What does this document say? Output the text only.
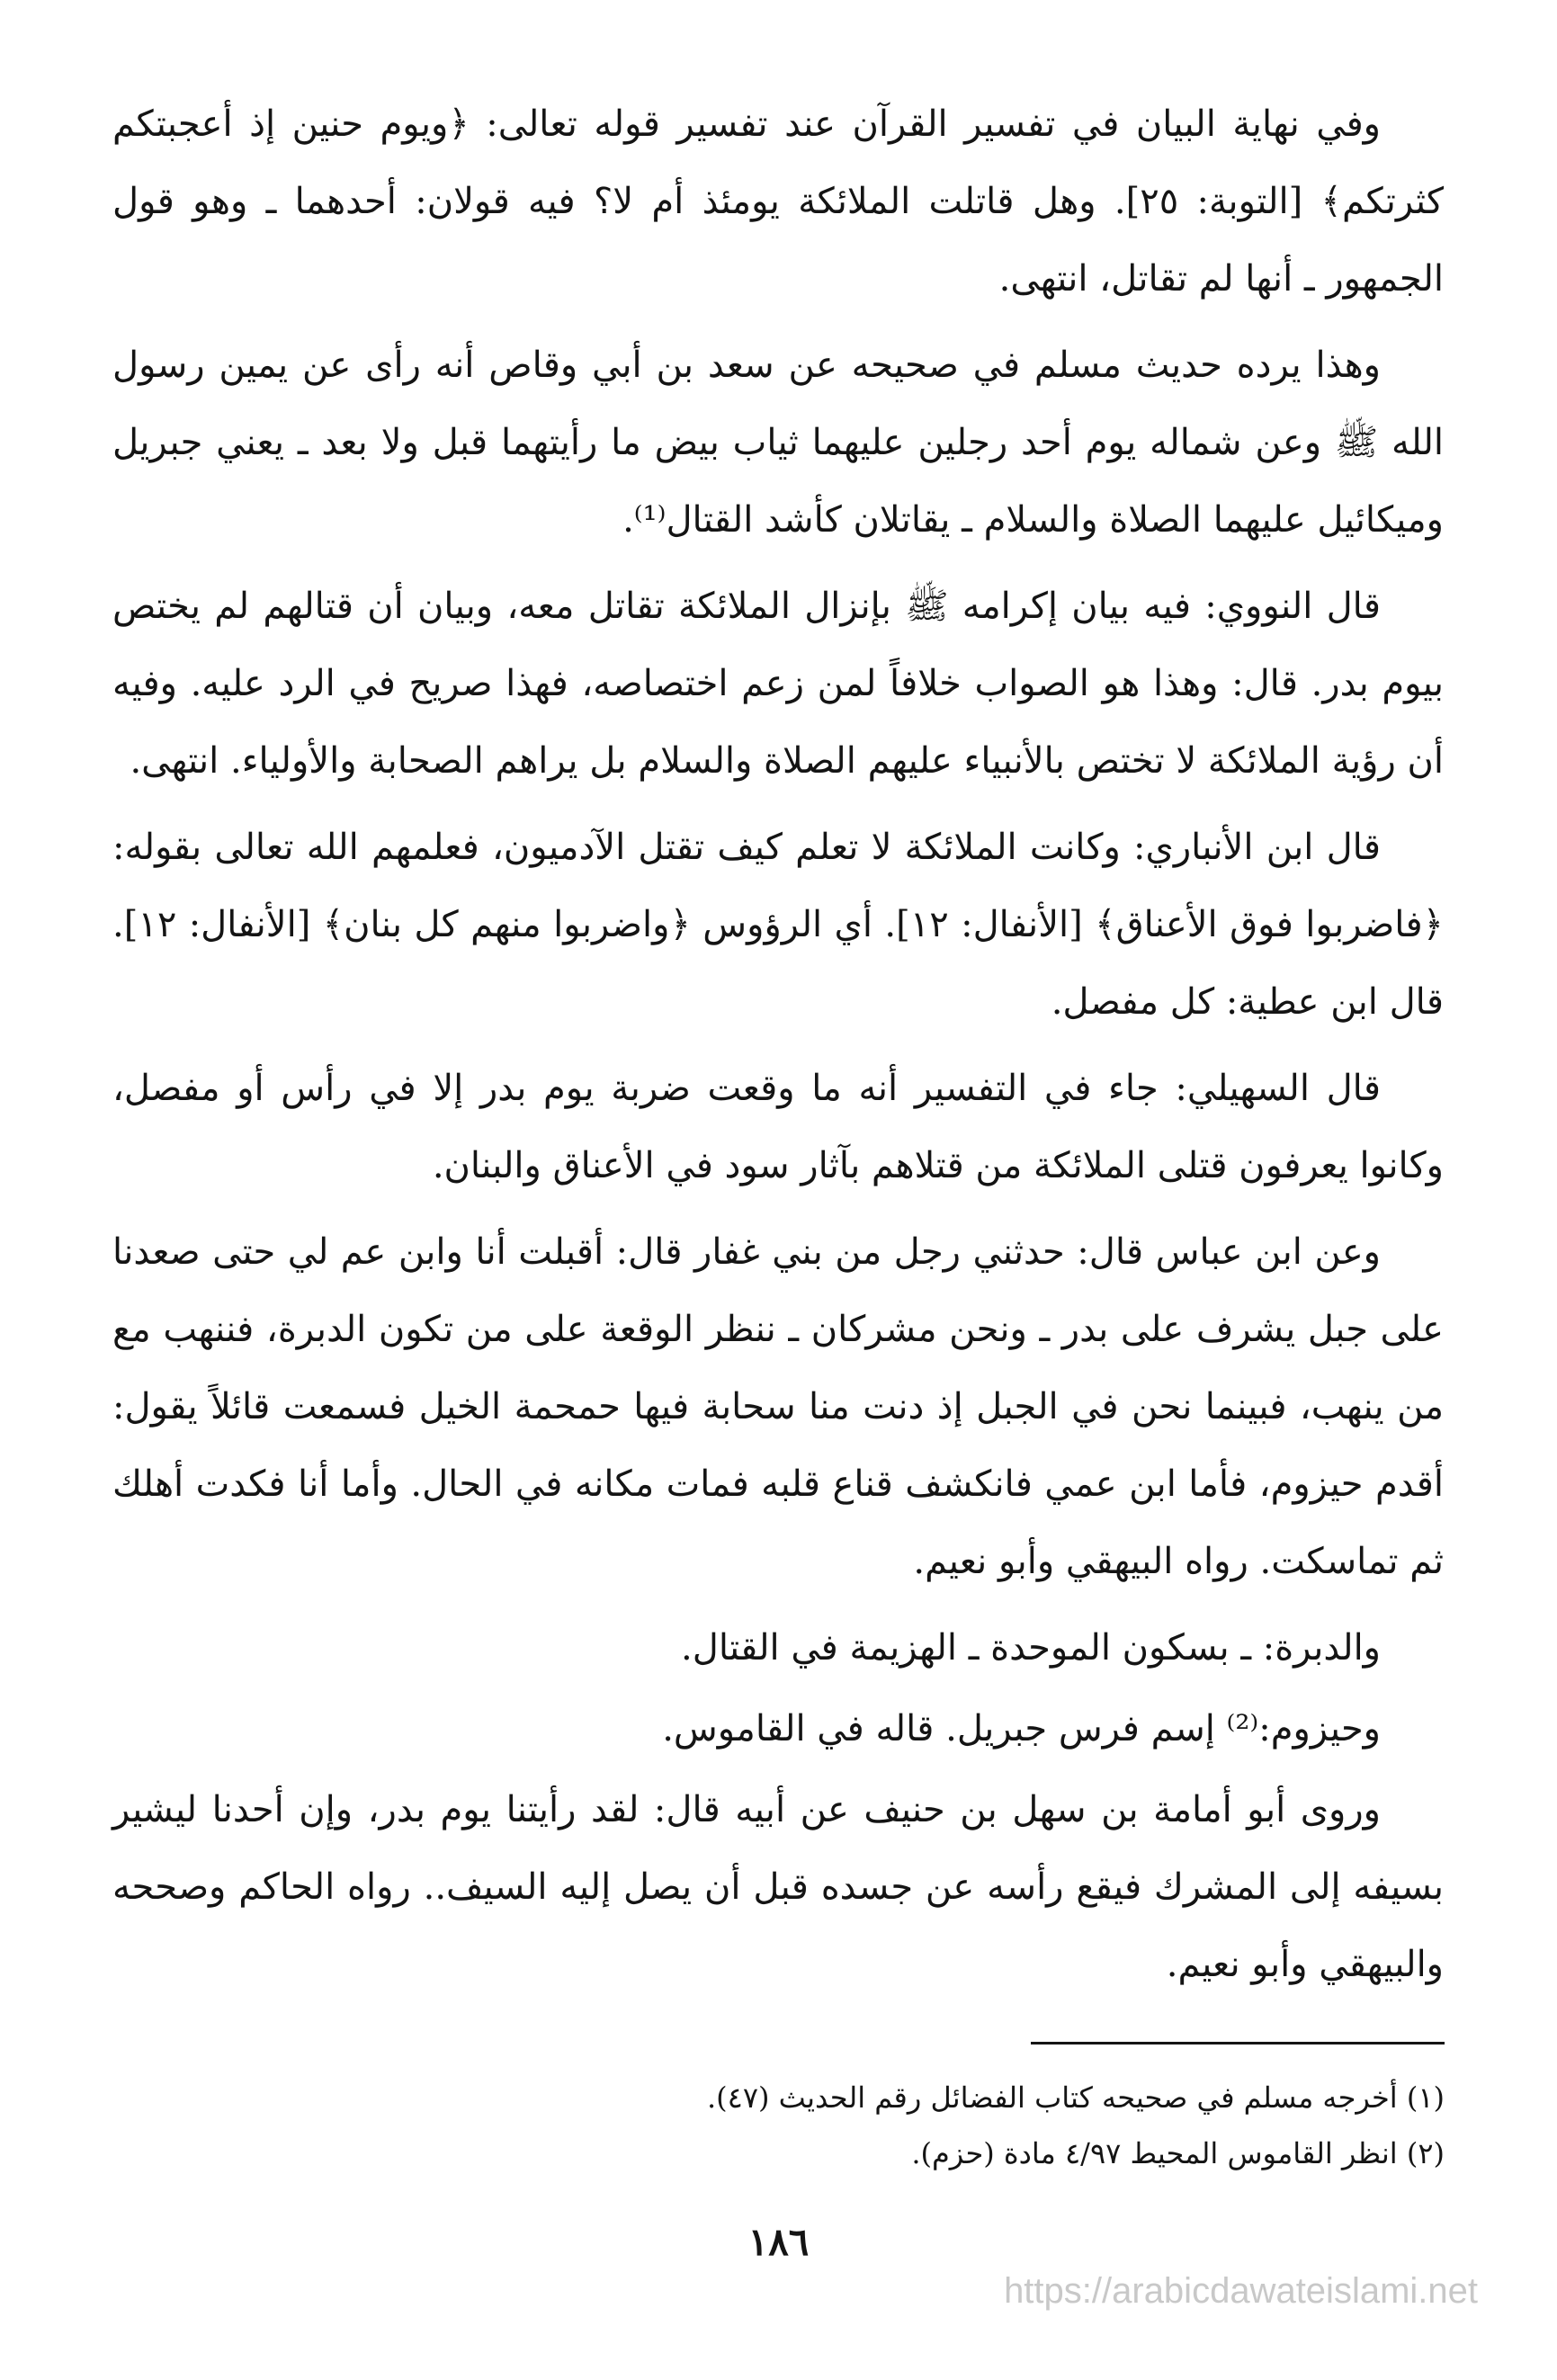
وفي نهاية البيان في تفسير القرآن عند تفسير قوله تعالى: ﴿ويوم حنين إذ أعجبتكم كثرتكم﴾ [التوبة: ٢٥]. وهل قاتلت الملائكة يومئذ أم لا؟ فيه قولان: أحدهما ـ وهو قول الجمهور ـ أنها لم تقاتل، انتهى.

وهذا يرده حديث مسلم في صحيحه عن سعد بن أبي وقاص أنه رأى عن يمين رسول الله ﷺ وعن شماله يوم أحد رجلين عليهما ثياب بيض ما رأيتهما قبل ولا بعد ـ يعني جبريل وميكائيل عليهما الصلاة والسلام ـ يقاتلان كأشد القتال⁽¹⁾.

قال النووي: فيه بيان إكرامه ﷺ بإنزال الملائكة تقاتل معه، وبيان أن قتالهم لم يختص بيوم بدر. قال: وهذا هو الصواب خلافاً لمن زعم اختصاصه، فهذا صريح في الرد عليه. وفيه أن رؤية الملائكة لا تختص بالأنبياء عليهم الصلاة والسلام بل يراهم الصحابة والأولياء. انتهى.

قال ابن الأنباري: وكانت الملائكة لا تعلم كيف تقتل الآدميون، فعلمهم الله تعالى بقوله: ﴿فاضربوا فوق الأعناق﴾ [الأنفال: ١٢]. أي الرؤوس ﴿واضربوا منهم كل بنان﴾ [الأنفال: ١٢]. قال ابن عطية: كل مفصل.

قال السهيلي: جاء في التفسير أنه ما وقعت ضربة يوم بدر إلا في رأس أو مفصل، وكانوا يعرفون قتلى الملائكة من قتلاهم بآثار سود في الأعناق والبنان.

وعن ابن عباس قال: حدثني رجل من بني غفار قال: أقبلت أنا وابن عم لي حتى صعدنا على جبل يشرف على بدر ـ ونحن مشركان ـ ننظر الوقعة على من تكون الدبرة، فننهب مع من ينهب، فبينما نحن في الجبل إذ دنت منا سحابة فيها حمحمة الخيل فسمعت قائلاً يقول: أقدم حيزوم، فأما ابن عمي فانكشف قناع قلبه فمات مكانه في الحال. وأما أنا فكدت أهلك ثم تماسكت. رواه البيهقي وأبو نعيم.

والدبرة: ـ بسكون الموحدة ـ الهزيمة في القتال.

وحيزوم:⁽²⁾ إسم فرس جبريل. قاله في القاموس.

وروى أبو أمامة بن سهل بن حنيف عن أبيه قال: لقد رأيتنا يوم بدر، وإن أحدنا ليشير بسيفه إلى المشرك فيقع رأسه عن جسده قبل أن يصل إليه السيف.. رواه الحاكم وصححه والبيهقي وأبو نعيم.

(١) أخرجه مسلم في صحيحه كتاب الفضائل رقم الحديث (٤٧).

(٢) انظر القاموس المحيط ٤/٩٧ مادة (حزم).

١٨٦
https://arabicdawateislami.net
